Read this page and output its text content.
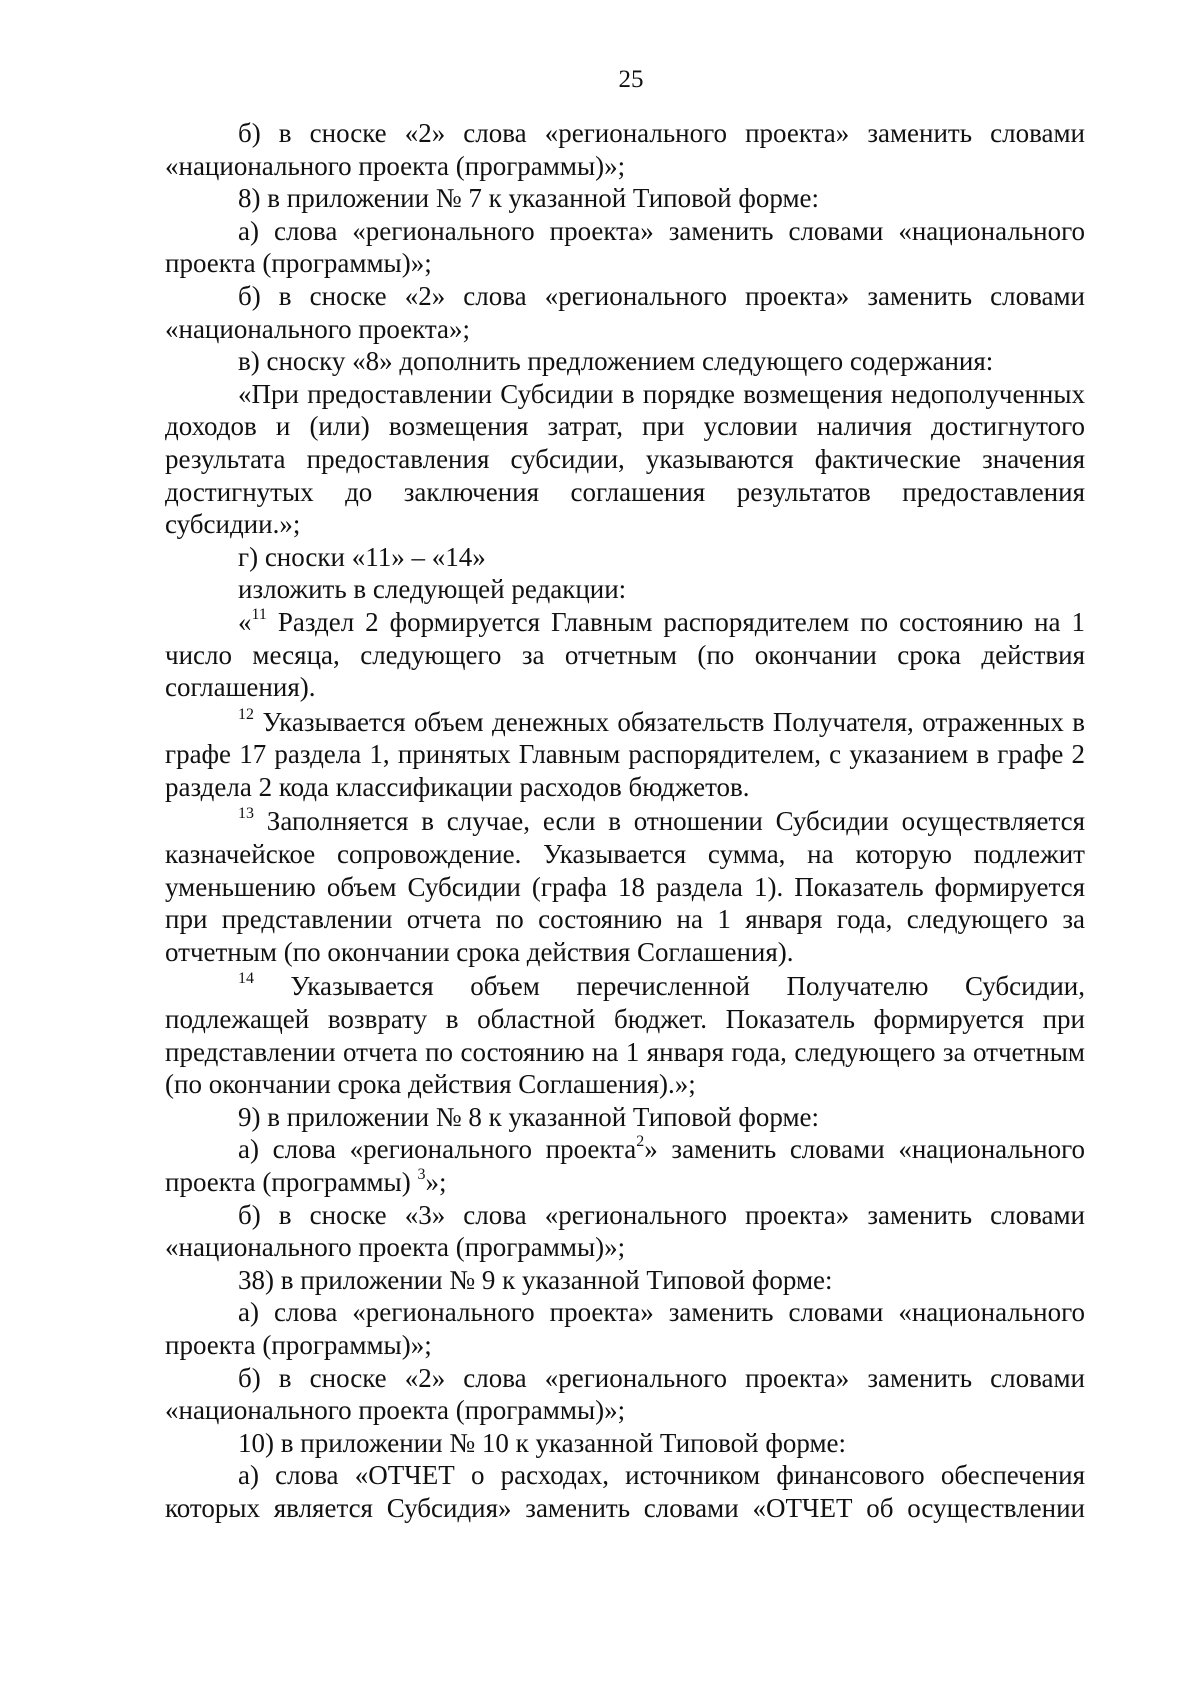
25

б) в сноске «2» слова «регионального проекта» заменить словами «национального проекта (программы)»;

8) в приложении № 7 к указанной Типовой форме:

а) слова «регионального проекта» заменить словами «национального проекта (программы)»;

б) в сноске «2» слова «регионального проекта» заменить словами «национального проекта»;

в) сноску «8» дополнить предложением следующего содержания:

«При предоставлении Субсидии в порядке возмещения недополученных доходов и (или) возмещения затрат, при условии наличия достигнутого результата предоставления субсидии, указываются фактические значения достигнутых до заключения соглашения результатов предоставления субсидии.»;

г) сноски «11» – «14»

изложить в следующей редакции:

«$^{11}$ Раздел 2 формируется Главным распорядителем по состоянию на 1 число месяца, следующего за отчетным (по окончании срока действия соглашения).

$^{12}$ Указывается объем денежных обязательств Получателя, отраженных в графе 17 раздела 1, принятых Главным распорядителем, с указанием в графе 2 раздела 2 кода классификации расходов бюджетов.

$^{13}$ Заполняется в случае, если в отношении Субсидии осуществляется казначейское сопровождение. Указывается сумма, на которую подлежит уменьшению объем Субсидии (графа 18 раздела 1). Показатель формируется при представлении отчета по состоянию на 1 января года, следующего за отчетным (по окончании срока действия Соглашения).

$^{14}$ Указывается объем перечисленной Получателю Субсидии, подлежащей возврату в областной бюджет. Показатель формируется при представлении отчета по состоянию на 1 января года, следующего за отчетным (по окончании срока действия Соглашения).»;

9) в приложении № 8 к указанной Типовой форме:

а) слова «регионального проекта$^2$» заменить словами «национального проекта (программы) $^3$»;

б) в сноске «3» слова «регионального проекта» заменить словами «национального проекта (программы)»;

38) в приложении № 9 к указанной Типовой форме:

а) слова «регионального проекта» заменить словами «национального проекта (программы)»;

б) в сноске «2» слова «регионального проекта» заменить словами «национального проекта (программы)»;

10) в приложении № 10 к указанной Типовой форме:

а) слова «ОТЧЕТ о расходах, источником финансового обеспечения которых является Субсидия» заменить словами «ОТЧЕТ об осуществлении
